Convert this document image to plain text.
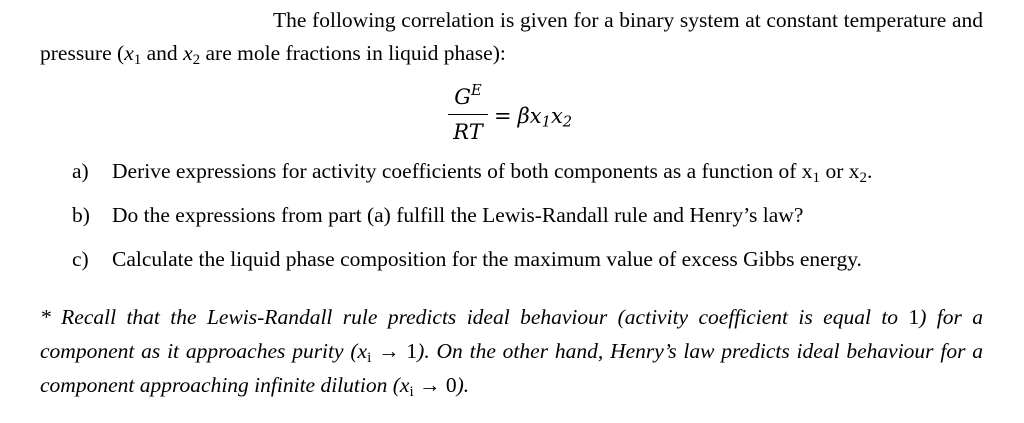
The following correlation is given for a binary system at constant temperature and pressure ($x_1$ and $x_2$ are mole fractions in liquid phase):

$G^E$
RT
= $\beta x_1x_2$
a) Derive expressions for activity coefficients of both components as a function of $x_1$ or $x_2$.
b) Do the expressions from part (a) fulfill the Lewis-Randall rule and Henry’s law?
c) Calculate the liquid phase composition for the maximum value of excess Gibbs energy.

* Recall that the Lewis-Randall rule predicts ideal behaviour (activity coefficient is equal to 1) for a component as it approaches purity $(x_i \to 1)$. On the other hand, Henry’s law predicts ideal behaviour for a component approaching infinite dilution $(x_i \to 0)$.
